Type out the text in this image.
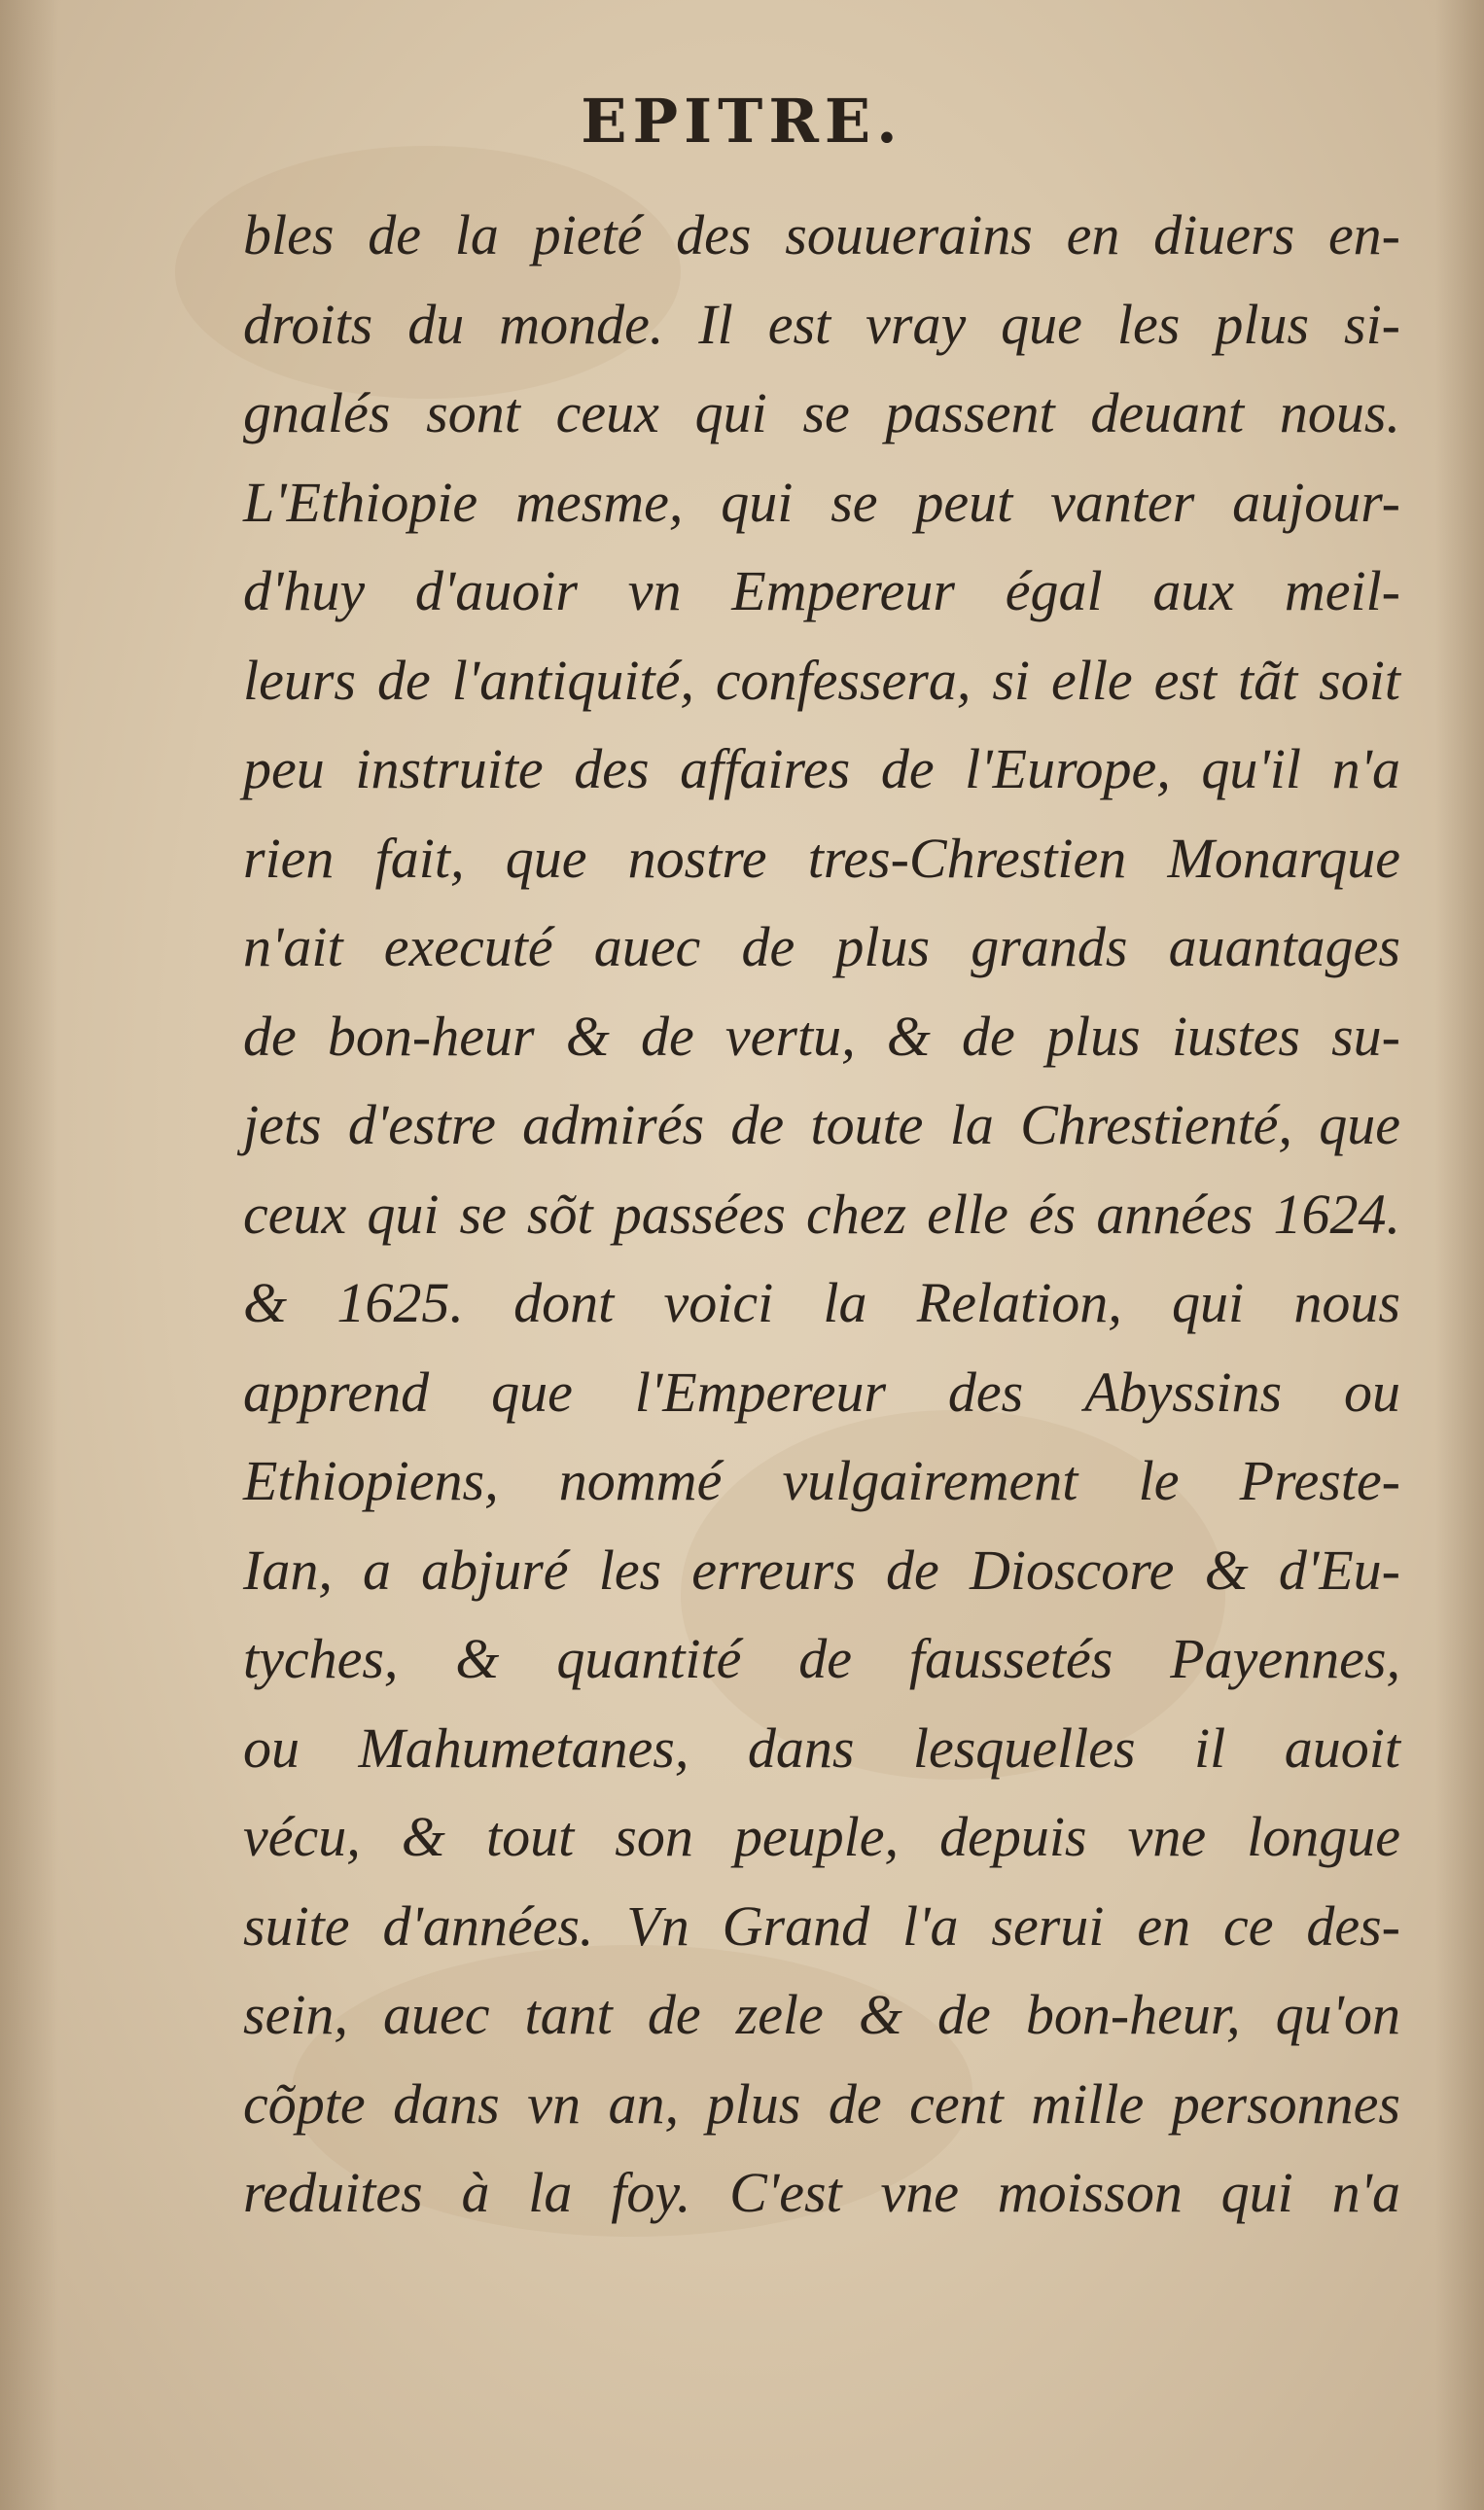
EPITRE.
bles de la pieté des souuerains en diuers en-
droits du monde. Il est vray que les plus si-
gnalés sont ceux qui se passent deuant nous.
L'Ethiopie mesme, qui se peut vanter aujour-
d'huy d'auoir vn Empereur égal aux meil-
leurs de l'antiquité, confessera, si elle est tãt soit
peu instruite des affaires de l'Europe, qu'il n'a
rien fait, que nostre tres-Chrestien Monarque
n'ait executé auec de plus grands auantages
de bon-heur & de vertu, & de plus iustes su-
jets d'estre admirés de toute la Chrestienté, que
ceux qui se sõt passées chez elle és années 1624.
& 1625. dont voici la Relation, qui nous
apprend que l'Empereur des Abyssins ou
Ethiopiens, nommé vulgairement le Preste-
Ian, a abjuré les erreurs de Dioscore & d'Eu-
tyches, & quantité de faussetés Payennes,
ou Mahumetanes, dans lesquelles il auoit
vécu, & tout son peuple, depuis vne longue
suite d'années. Vn Grand l'a serui en ce des-
sein, auec tant de zele & de bon-heur, qu'on
cõpte dans vn an, plus de cent mille personnes
reduites à la foy. C'est vne moisson qui n'a
